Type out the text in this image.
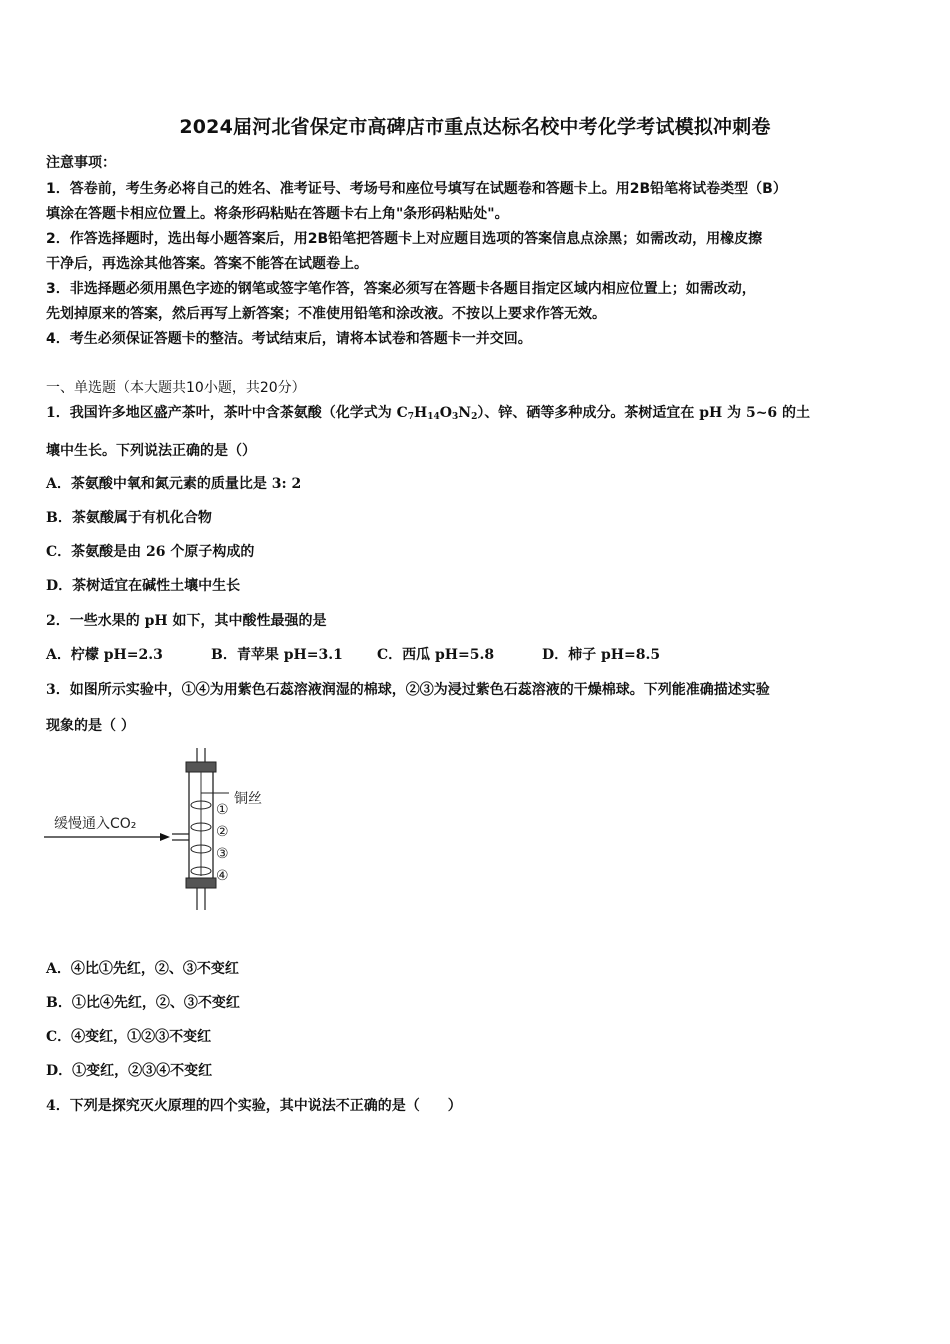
2024届河北省保定市高碑店市重点达标名校中考化学考试模拟冲刺卷
注意事项：
1．答卷前，考生务必将自己的姓名、准考证号、考场号和座位号填写在试题卷和答题卡上。用2B铅笔将试卷类型（B）
填涂在答题卡相应位置上。将条形码粘贴在答题卡右上角"条形码粘贴处"。
2．作答选择题时，选出每小题答案后，用2B铅笔把答题卡上对应题目选项的答案信息点涂黑；如需改动，用橡皮擦
干净后，再选涂其他答案。答案不能答在试题卷上。
3．非选择题必须用黑色字迹的钢笔或签字笔作答，答案必须写在答题卡各题目指定区域内相应位置上；如需改动，
先划掉原来的答案，然后再写上新答案；不准使用铅笔和涂改液。不按以上要求作答无效。
4．考生必须保证答题卡的整洁。考试结束后，请将本试卷和答题卡一并交回。
一、单选题（本大题共10小题，共20分）
1．我国许多地区盛产茶叶，茶叶中含茶氨酸（化学式为 $C_7H_{14}O_3N_2$）、锌、硒等多种成分。茶树适宜在 pH 为 5~6 的土
壤中生长。下列说法正确的是（）
A．茶氨酸中氧和氮元素的质量比是 3: 2
B．茶氨酸属于有机化合物
C．茶氨酸是由 26 个原子构成的
D．茶树适宜在碱性土壤中生长
2．一些水果的 pH 如下，其中酸性最强的是
A．柠檬 pH=2.3	B．青苹果 pH=3.1 C．西瓜 pH=5.8	D．柿子 pH=8.5
3．如图所示实验中，①④为用紫色石蕊溶液润湿的棉球，②③为浸过紫色石蕊溶液的干燥棉球。下列能准确描述实验
现象的是（ ）
铜丝
缓慢通入CO₂
①
②
③
④
A．④比①先红，②、③不变红
B．①比④先红，②、③不变红
C．④变红，①②③不变红
D．①变红，②③④不变红
4．下列是探究灭火原理的四个实验，其中说法不正确的是（　　）
